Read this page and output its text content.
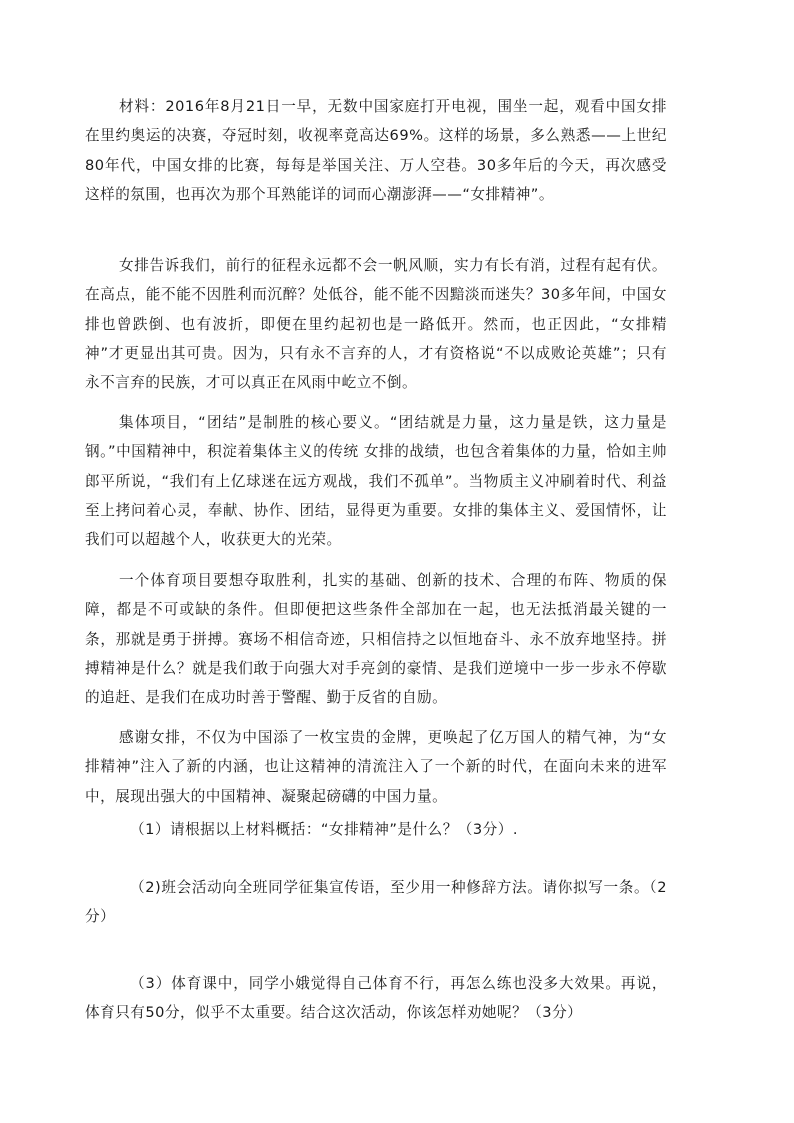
材料：2016年8月21日一早，无数中国家庭打开电视，围坐一起，观看中国女排在里约奥运的决赛，夺冠时刻，收视率竟高达69%。这样的场景，多么熟悉——上世纪80年代，中国女排的比赛，每每是举国关注、万人空巷。30多年后的今天，再次感受这样的氛围，也再次为那个耳熟能详的词而心潮澎湃——“女排精神”。

女排告诉我们，前行的征程永远都不会一帆风顺，实力有长有消，过程有起有伏。在高点，能不能不因胜利而沉醉？处低谷，能不能不因黯淡而迷失？30多年间，中国女排也曾跌倒、也有波折，即便在里约起初也是一路低开。然而，也正因此，“女排精神”才更显出其可贵。因为，只有永不言弃的人，才有资格说“不以成败论英雄”；只有永不言弃的民族，才可以真正在风雨中屹立不倒。

集体项目，“团结”是制胜的核心要义。“团结就是力量，这力量是铁，这力量是钢。”中国精神中，积淀着集体主义的传统 女排的战绩，也包含着集体的力量，恰如主帅郎平所说，“我们有上亿球迷在远方观战，我们不孤单”。当物质主义冲刷着时代、利益至上拷问着心灵，奉献、协作、团结，显得更为重要。女排的集体主义、爱国情怀，让我们可以超越个人，收获更大的光荣。

一个体育项目要想夺取胜利，扎实的基础、创新的技术、合理的布阵、物质的保障，都是不可或缺的条件。但即便把这些条件全部加在一起，也无法抵消最关键的一条，那就是勇于拼搏。赛场不相信奇迹，只相信持之以恒地奋斗、永不放弃地坚持。拼搏精神是什么？就是我们敢于向强大对手亮剑的豪情、是我们逆境中一步一步永不停歇的追赶、是我们在成功时善于警醒、勤于反省的自励。

感谢女排，不仅为中国添了一枚宝贵的金牌，更唤起了亿万国人的精气神，为“女排精神”注入了新的内涵，也让这精神的清流注入了一个新的时代，在面向未来的进军中，展现出强大的中国精神、凝聚起磅礴的中国力量。

（1）请根据以上材料概括：“女排精神”是什么？（3分）.

（2)班会活动向全班同学征集宣传语，至少用一种修辞方法。请你拟写一条。（2分）

（3）体育课中，同学小娥觉得自己体育不行，再怎么练也没多大效果。再说，体育只有50分，似乎不太重要。结合这次活动，你该怎样劝她呢？（3分）
